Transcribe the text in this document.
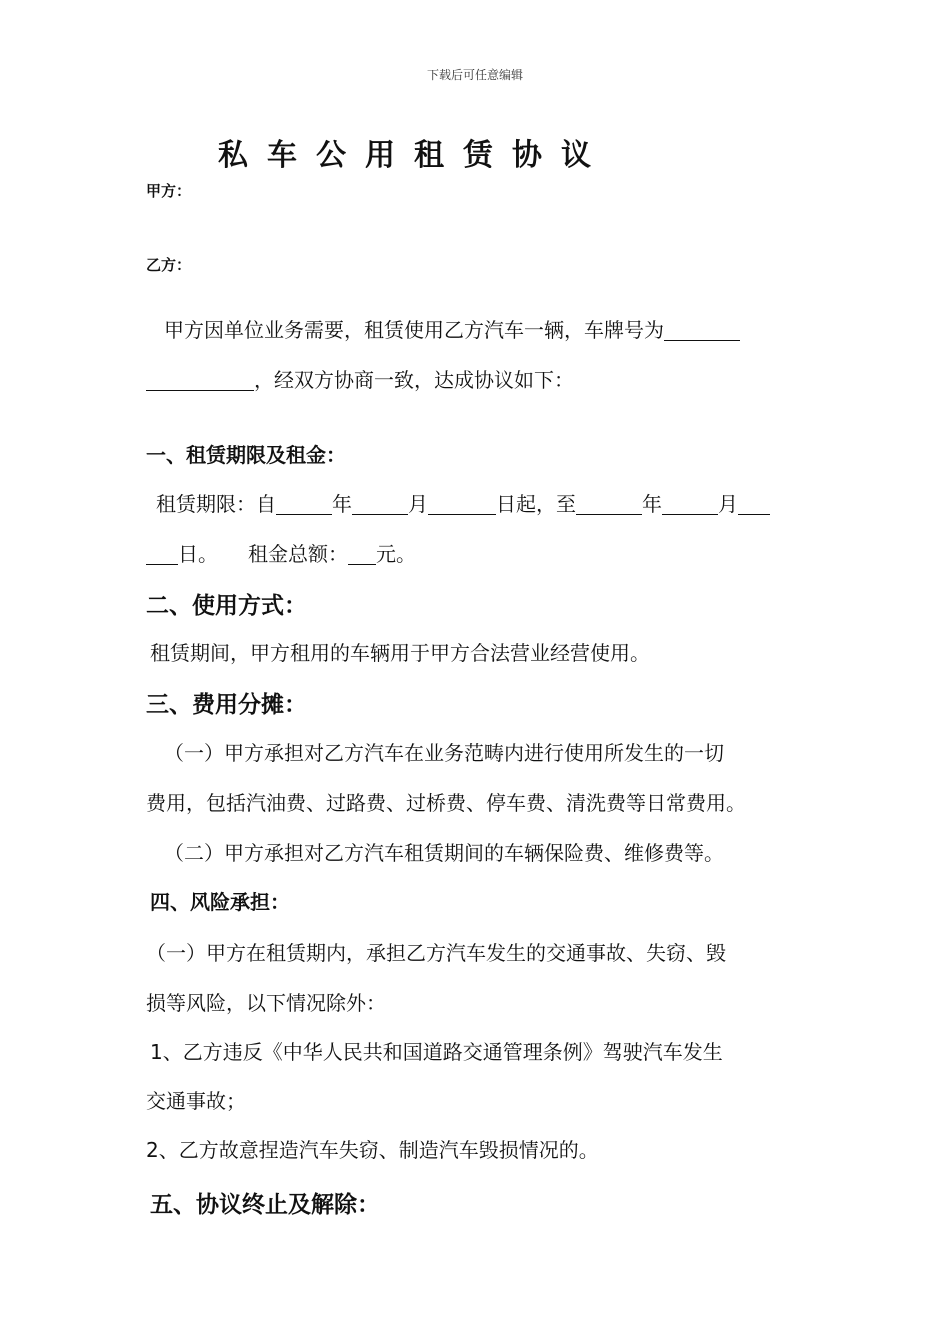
下载后可任意编辑
私车公用租赁协议
甲方：
乙方：
甲方因单位业务需要，租赁使用乙方汽车一辆，车牌号为
，经双方协商一致，达成协议如下：
一、租赁期限及租金：
租赁期限：自	年	月	日起，至	年	月
日。 租金总额： 元。
二、使用方式：
租赁期间，甲方租用的车辆用于甲方合法营业经营使用。
三、费用分摊：
（一）甲方承担对乙方汽车在业务范畴内进行使用所发生的一切
费用，包括汽油费、过路费、过桥费、停车费、清洗费等日常费用。
（二）甲方承担对乙方汽车租赁期间的车辆保险费、维修费等。
四、风险承担：
（一）甲方在租赁期内，承担乙方汽车发生的交通事故、失窃、毁
损等风险，以下情况除外：
1、乙方违反《中华人民共和国道路交通管理条例》驾驶汽车发生
交通事故；
2、乙方故意捏造汽车失窃、制造汽车毁损情况的。
五、协议终止及解除：
